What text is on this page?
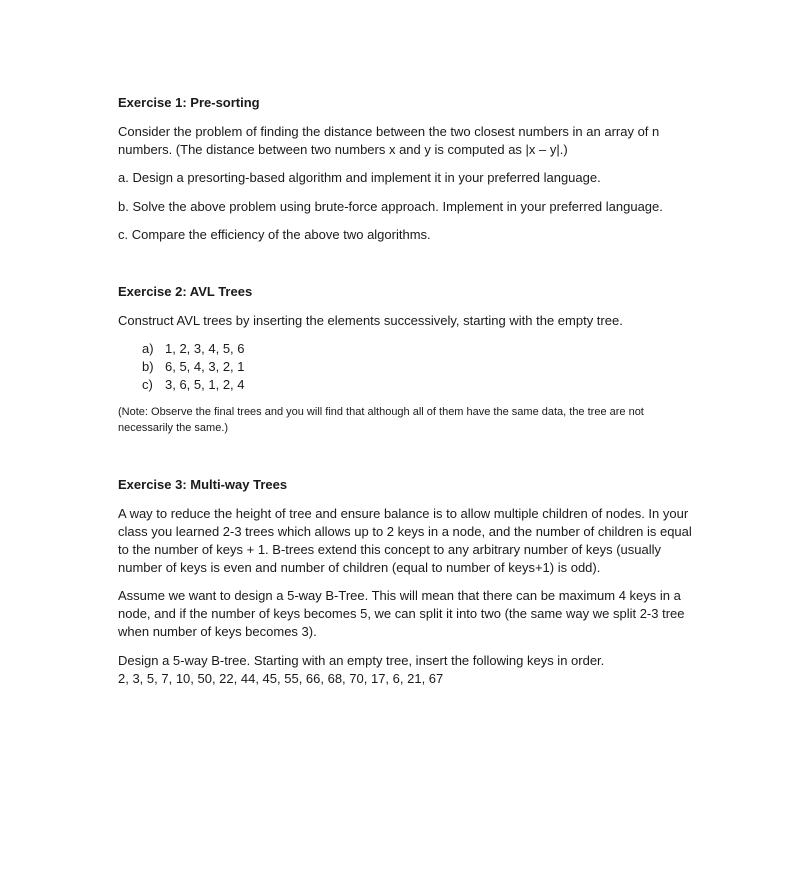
Exercise 1: Pre-sorting

Consider the problem of finding the distance between the two closest numbers in an array of n numbers. (The distance between two numbers x and y is computed as |x – y|.)

a. Design a presorting-based algorithm and implement it in your preferred language.

b. Solve the above problem using brute-force approach. Implement in your preferred language.

c. Compare the efficiency of the above two algorithms.

Exercise 2: AVL Trees

Construct AVL trees by inserting the elements successively, starting with the empty tree.

a) 1, 2, 3, 4, 5, 6
b) 6, 5, 4, 3, 2, 1
c) 3, 6, 5, 1, 2, 4

(Note: Observe the final trees and you will find that although all of them have the same data, the tree are not necessarily the same.)

Exercise 3: Multi-way Trees

A way to reduce the height of tree and ensure balance is to allow multiple children of nodes. In your class you learned 2-3 trees which allows up to 2 keys in a node, and the number of children is equal to the number of keys + 1. B-trees extend this concept to any arbitrary number of keys (usually number of keys is even and number of children (equal to number of keys+1) is odd).

Assume we want to design a 5-way B-Tree. This will mean that there can be maximum 4 keys in a node, and if the number of keys becomes 5, we can split it into two (the same way we split 2-3 tree when number of keys becomes 3).

Design a 5-way B-tree. Starting with an empty tree, insert the following keys in order.

2, 3, 5, 7, 10, 50, 22, 44, 45, 55, 66, 68, 70, 17, 6, 21, 67
